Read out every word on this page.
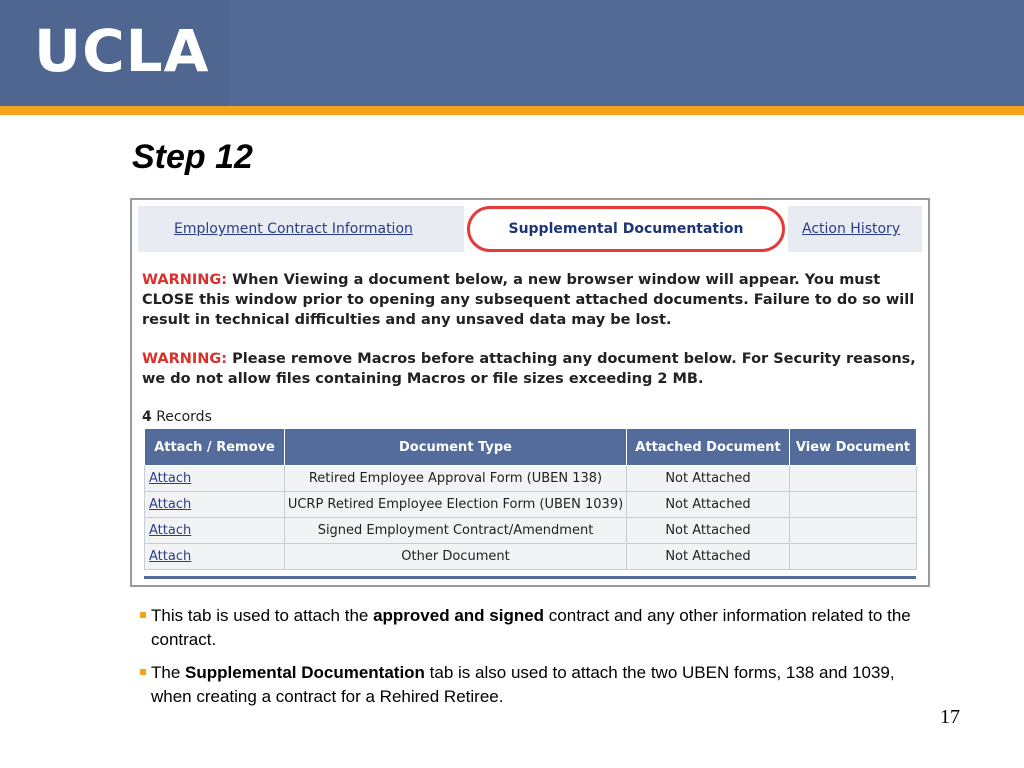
UCLA
Step 12
Employment Contract Information	Supplemental Documentation	Action History
WARNING: When Viewing a document below, a new browser window will appear. You must CLOSE this window prior to opening any subsequent attached documents. Failure to do so will result in technical difficulties and any unsaved data may be lost.
WARNING: Please remove Macros before attaching any document below. For Security reasons, we do not allow files containing Macros or file sizes exceeding 2 MB.
4 Records
Attach / Remove	Document Type	Attached Document	View Document
Attach	Retired Employee Approval Form (UBEN 138)	Not Attached	
Attach	UCRP Retired Employee Election Form (UBEN 1039)	Not Attached	
Attach	Signed Employment Contract/Amendment	Not Attached	
Attach	Other Document	Not Attached	
This tab is used to attach the approved and signed contract and any other information related to the contract.
The Supplemental Documentation tab is also used to attach the two UBEN forms, 138 and 1039, when creating a contract for a Rehired Retiree.
17
